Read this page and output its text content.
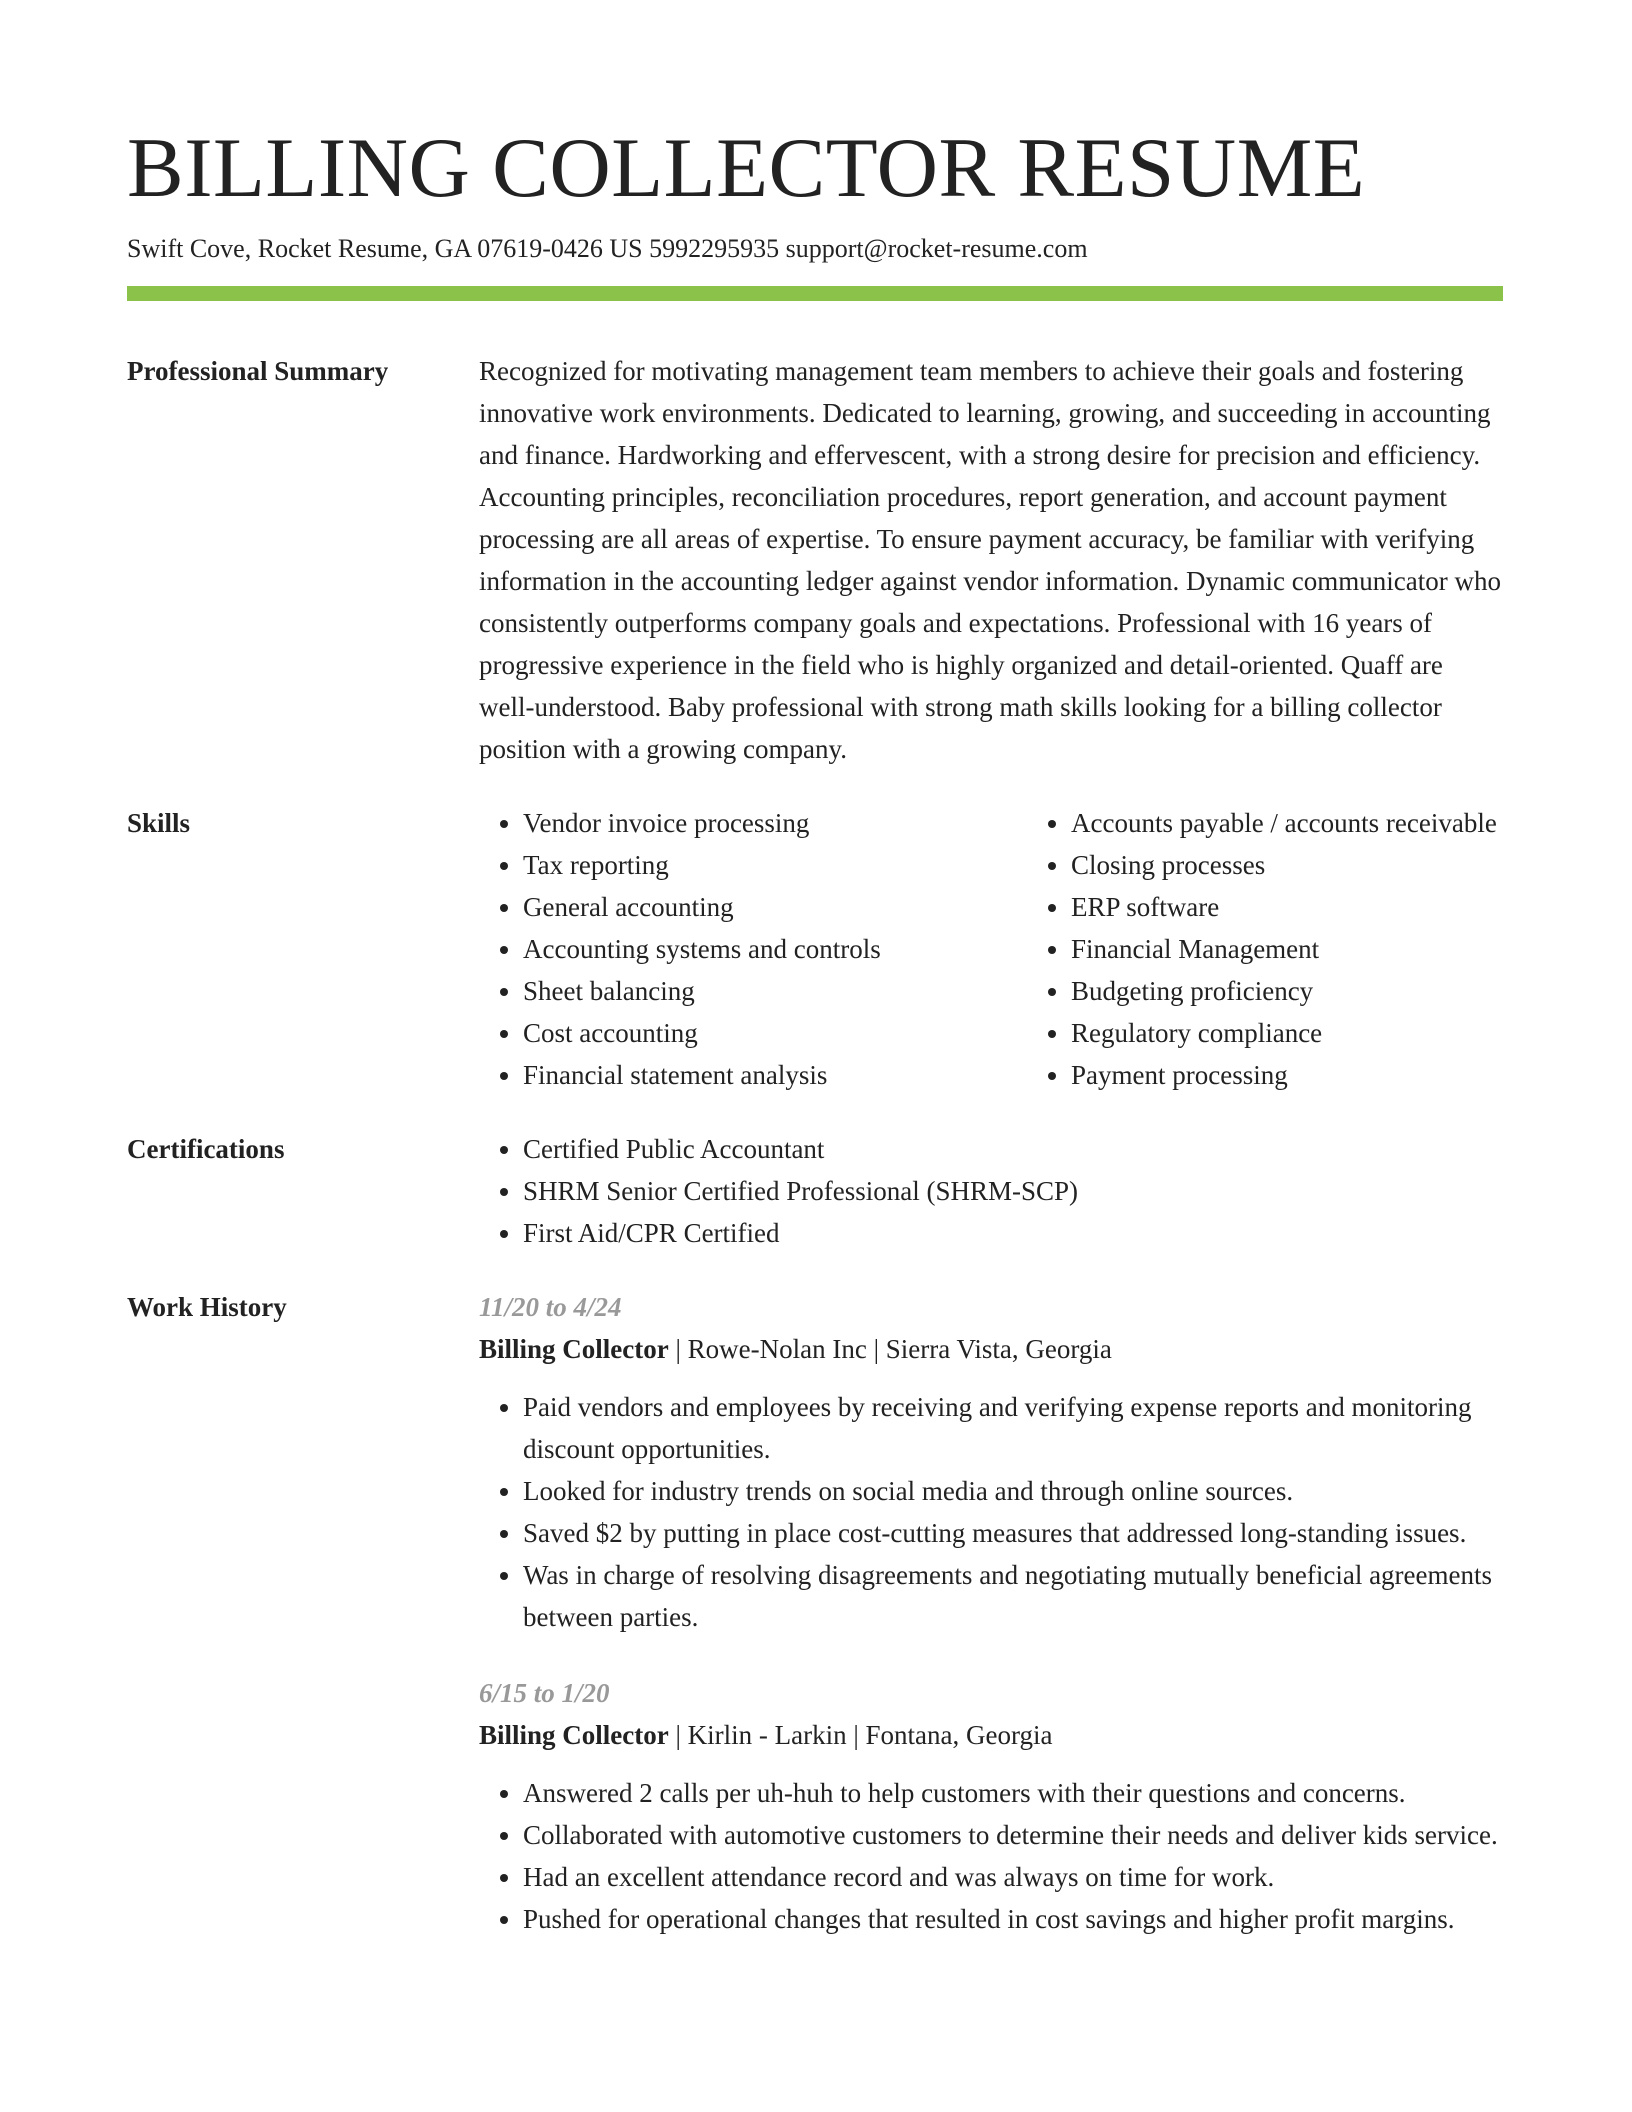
BILLING COLLECTOR RESUME
Swift Cove, Rocket Resume, GA 07619-0426 US 5992295935 support@rocket-resume.com
Professional Summary	Recognized for motivating management team members to achieve their goals and fostering innovative work environments. Dedicated to learning, growing, and succeeding in accounting and finance. Hardworking and effervescent, with a strong desire for precision and efficiency. Accounting principles, reconciliation procedures, report generation, and account payment processing are all areas of expertise. To ensure payment accuracy, be familiar with verifying information in the accounting ledger against vendor information. Dynamic communicator who consistently outperforms company goals and expectations. Professional with 16 years of progressive experience in the field who is highly organized and detail-oriented. Quaff are well-understood. Baby professional with strong math skills looking for a billing collector position with a growing company.

Skills	• Vendor invoice processing
• Tax reporting
• General accounting
• Accounting systems and controls
• Sheet balancing
• Cost accounting
• Financial statement analysis
• Accounts payable / accounts receivable
• Closing processes
• ERP software
• Financial Management
• Budgeting proficiency
• Regulatory compliance
• Payment processing
Certifications	• Certified Public Accountant
• SHRM Senior Certified Professional (SHRM-SCP)
• First Aid/CPR Certified
Work History	11/20 to 4/24
Billing Collector | Rowe-Nolan Inc | Sierra Vista, Georgia
• Paid vendors and employees by receiving and verifying expense reports and monitoring discount opportunities.
• Looked for industry trends on social media and through online sources.
• Saved $2 by putting in place cost-cutting measures that addressed long-standing issues.
• Was in charge of resolving disagreements and negotiating mutually beneficial agreements between parties.
6/15 to 1/20
Billing Collector | Kirlin - Larkin | Fontana, Georgia
• Answered 2 calls per uh-huh to help customers with their questions and concerns.
• Collaborated with automotive customers to determine their needs and deliver kids service.
• Had an excellent attendance record and was always on time for work.
• Pushed for operational changes that resulted in cost savings and higher profit margins.
